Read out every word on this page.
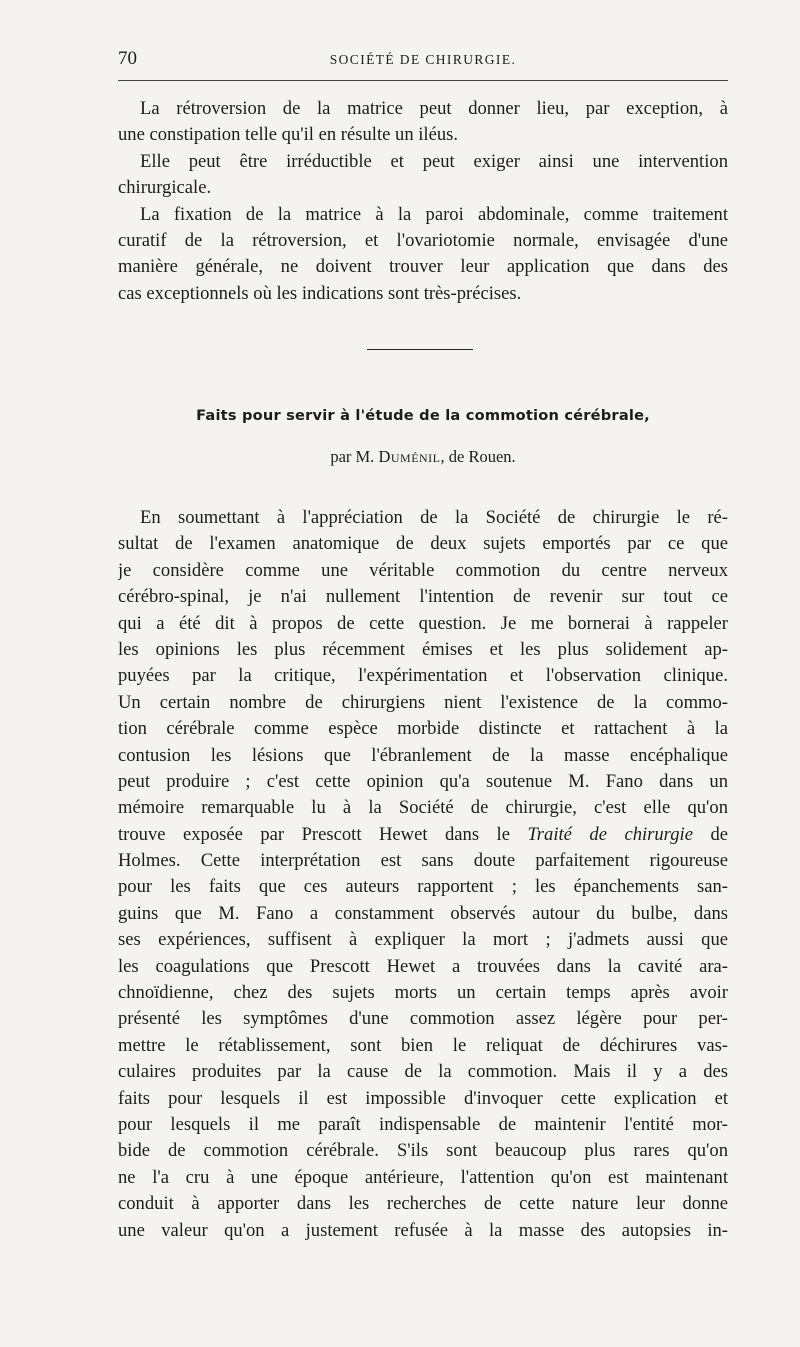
70	SOCIÉTÉ DE CHIRURGIE.
La rétroversion de la matrice peut donner lieu, par exception, à
une constipation telle qu'il en résulte un iléus.
Elle peut être irréductible et peut exiger ainsi une intervention
chirurgicale.
La fixation de la matrice à la paroi abdominale, comme traitement
curatif de la rétroversion, et l'ovariotomie normale, envisagée d'une
manière générale, ne doivent trouver leur application que dans des
cas exceptionnels où les indications sont très-précises.
Faits pour servir à l'étude de la commotion cérébrale,
par M. Duménil, de Rouen.
En soumettant à l'appréciation de la Société de chirurgie le ré-
sultat de l'examen anatomique de deux sujets emportés par ce que
je considère comme une véritable commotion du centre nerveux
cérébro-spinal, je n'ai nullement l'intention de revenir sur tout ce
qui a été dit à propos de cette question. Je me bornerai à rappeler
les opinions les plus récemment émises et les plus solidement ap-
puyées par la critique, l'expérimentation et l'observation clinique.
Un certain nombre de chirurgiens nient l'existence de la commo-
tion cérébrale comme espèce morbide distincte et rattachent à la
contusion les lésions que l'ébranlement de la masse encéphalique
peut produire ; c'est cette opinion qu'a soutenue M. Fano dans un
mémoire remarquable lu à la Société de chirurgie, c'est elle qu'on
trouve exposée par Prescott Hewet dans le Traité de chirurgie de
Holmes. Cette interprétation est sans doute parfaitement rigoureuse
pour les faits que ces auteurs rapportent ; les épanchements san-
guins que M. Fano a constamment observés autour du bulbe, dans
ses expériences, suffisent à expliquer la mort ; j'admets aussi que
les coagulations que Prescott Hewet a trouvées dans la cavité ara-
chnoïdienne, chez des sujets morts un certain temps après avoir
présenté les symptômes d'une commotion assez légère pour per-
mettre le rétablissement, sont bien le reliquat de déchirures vas-
culaires produites par la cause de la commotion. Mais il y a des
faits pour lesquels il est impossible d'invoquer cette explication et
pour lesquels il me paraît indispensable de maintenir l'entité mor-
bide de commotion cérébrale. S'ils sont beaucoup plus rares qu'on
ne l'a cru à une époque antérieure, l'attention qu'on est maintenant
conduit à apporter dans les recherches de cette nature leur donne
une valeur qu'on a justement refusée à la masse des autopsies in-
